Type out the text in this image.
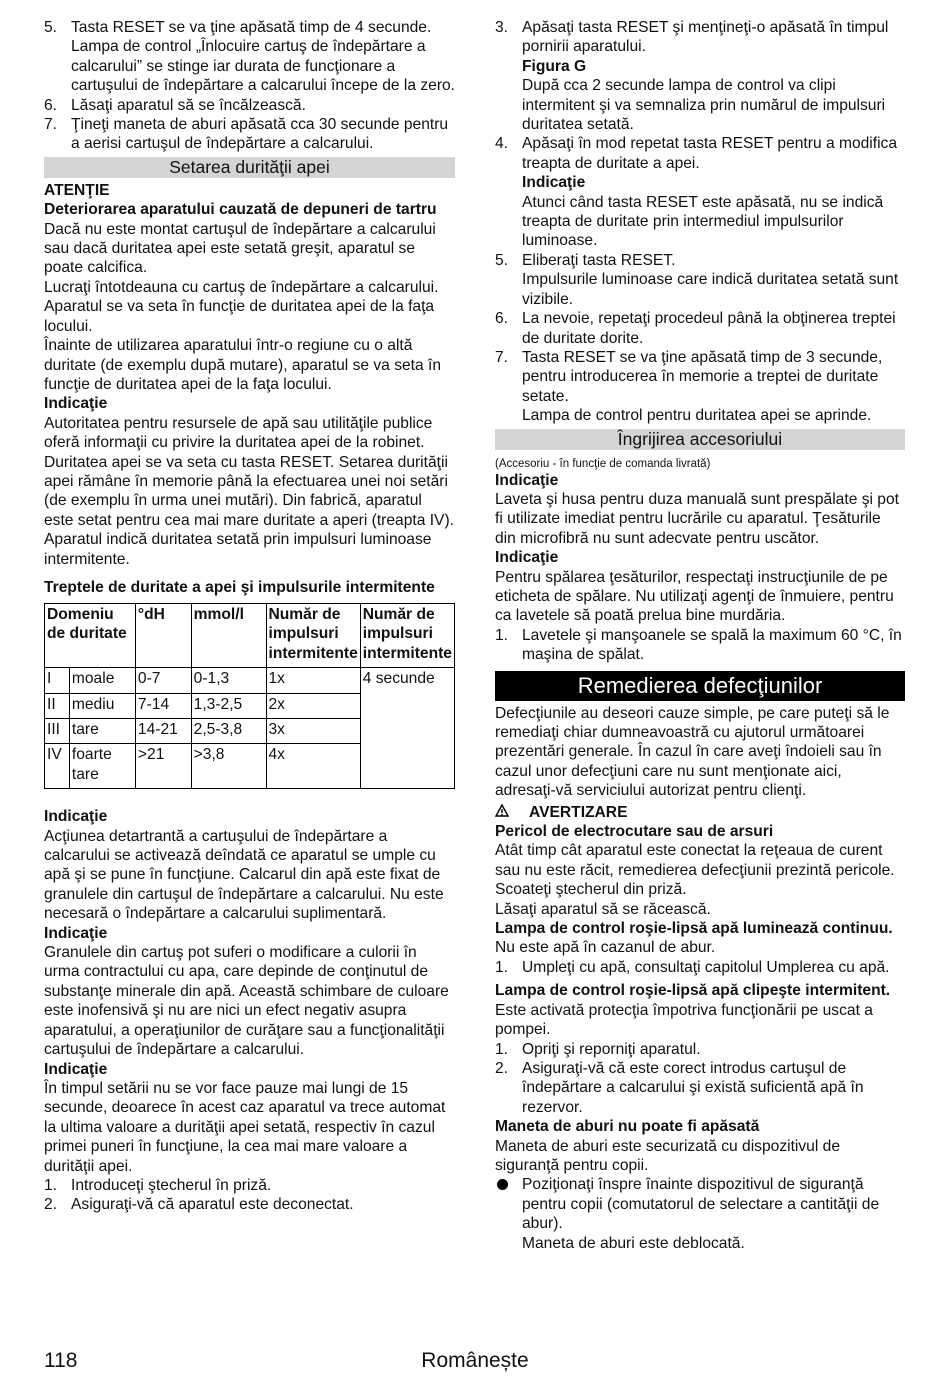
5. Tasta RESET se va ţine apăsată timp de 4 secunde.

Lampa de control „Înlocuire cartuş de îndepărtare a calcarului” se stinge iar durata de funcţionare a cartuşului de îndepărtare a calcarului începe de la zero.

6. Lăsaţi aparatul să se încălzească.
7. Ţineţi maneta de aburi apăsată cca 30 secunde pentru a aerisi cartuşul de îndepărtare a calcarului.
Setarea durităţii apei

ATENŢIE

Deteriorarea aparatului cauzată de depuneri de tartru

Dacă nu este montat cartuşul de îndepărtare a calcarului sau dacă duritatea apei este setată greşit, aparatul se poate calcifica.

Lucraţi întotdeauna cu cartuş de îndepărtare a calcarului.

Aparatul se va seta în funcţie de duritatea apei de la faţa locului.

Înainte de utilizarea aparatului într-o regiune cu o altă duritate (de exemplu după mutare), aparatul se va seta în funcţie de duritatea apei de la faţa locului.

Indicaţie

Autoritatea pentru resursele de apă sau utilităţile publice oferă informaţii cu privire la duritatea apei de la robinet.

Duritatea apei se va seta cu tasta RESET. Setarea durităţii apei rămâne în memorie până la efectuarea unei noi setări (de exemplu în urma unei mutări). Din fabrică, aparatul este setat pentru cea mai mare duritate a aperi (treapta IV). Aparatul indică duritatea setată prin impulsuri luminoase intermitente.

Treptele de duritate a apei şi impulsurile intermitente

Domeniu de duritate		°dH	mmol/l	Număr de impulsuri intermitente	Număr de impulsuri intermitente
I	moale	0-7	0-1,3	1x	4 secunde
II	mediu	7-14	1,3-2,5	2x	
III	tare	14-21	2,5-3,8	3x	
IV	foarte tare	>21	>3,8	4x	

Indicaţie

Acţiunea detartrantă a cartuşului de îndepărtare a calcarului se activează deîndată ce aparatul se umple cu apă şi se pune în funcţiune. Calcarul din apă este fixat de granulele din cartuşul de îndepărtare a calcarului. Nu este necesară o îndepărtare a calcarului suplimentară.

Indicaţie

Granulele din cartuş pot suferi o modificare a culorii în urma contractului cu apa, care depinde de conţinutul de substanţe minerale din apă. Această schimbare de culoare este inofensivă şi nu are nici un efect negativ asupra aparatului, a operaţiunilor de curăţare sau a funcţionalităţii cartuşului de îndepărtare a calcarului.

Indicaţie

În timpul setării nu se vor face pauze mai lungi de 15 secunde, deoarece în acest caz aparatul va trece automat la ultima valoare a durităţii apei setată, respectiv în cazul primei puneri în funcţiune, la cea mai mare valoare a durităţii apei.

1. Introduceţi ştecherul în priză.
2. Asiguraţi-vă că aparatul este deconectat.
3. Apăsaţi tasta RESET şi menţineţi-o apăsată în timpul pornirii aparatului.

Figura G

După cca 2 secunde lampa de control va clipi intermitent şi va semnaliza prin numărul de impulsuri duritatea setată.

4. Apăsaţi în mod repetat tasta RESET pentru a modifica treapta de duritate a apei.

Indicaţie

Atunci când tasta RESET este apăsată, nu se indică treapta de duritate prin intermediul impulsurilor luminoase.

5. Eliberaţi tasta RESET.

Impulsurile luminoase care indică duritatea setată sunt vizibile.

6. La nevoie, repetaţi procedeul până la obţinerea treptei de duritate dorite.
7. Tasta RESET se va ţine apăsată timp de 3 secunde, pentru introducerea în memorie a treptei de duritate setate.

Lampa de control pentru duritatea apei se aprinde.

Îngrijirea accesoriului

(Accesoriu - în funcţie de comanda livrată)

Indicaţie

Laveta şi husa pentru duza manuală sunt prespălate şi pot fi utilizate imediat pentru lucrările cu aparatul. Ţesăturile din microfibră nu sunt adecvate pentru uscător.

Indicaţie

Pentru spălarea ţesăturilor, respectaţi instrucţiunile de pe eticheta de spălare. Nu utilizaţi agenţi de înmuiere, pentru ca lavetele să poată prelua bine murdăria.

1. Lavetele şi manşoanele se spală la maximum 60 °C, în maşina de spălat.
Remedierea defecţiunilor

Defecţiunile au deseori cauze simple, pe care puteţi să le remediaţi chiar dumneavoastră cu ajutorul următoarei prezentări generale. În cazul în care aveţi îndoieli sau în cazul unor defecţiuni care nu sunt menţionate aici, adresaţi-vă serviciului autorizat pentru clienţi.

AVERTIZARE

Pericol de electrocutare sau de arsuri

Atât timp cât aparatul este conectat la reţeaua de curent sau nu este răcit, remedierea defecţiunii prezintă pericole.

Scoateţi ştecherul din priză.

Lăsaţi aparatul să se răcească.

Lampa de control roşie-lipsă apă luminează continuu.

Nu este apă în cazanul de abur.

1. Umpleţi cu apă, consultaţi capitolul Umplerea cu apă.

Lampa de control roşie-lipsă apă clipeşte intermitent.

Este activată protecţia împotriva funcţionării pe uscat a pompei.

1. Opriţi şi reporniţi aparatul.
2. Asiguraţi-vă că este corect introdus cartuşul de îndepărtare a calcarului şi există suficientă apă în rezervor.

Maneta de aburi nu poate fi apăsată

Maneta de aburi este securizată cu dispozitivul de siguranţă pentru copii.

Poziţionaţi înspre înainte dispozitivul de siguranţă pentru copii (comutatorul de selectare a cantităţii de abur).

Maneta de aburi este deblocată.

118	Românește
